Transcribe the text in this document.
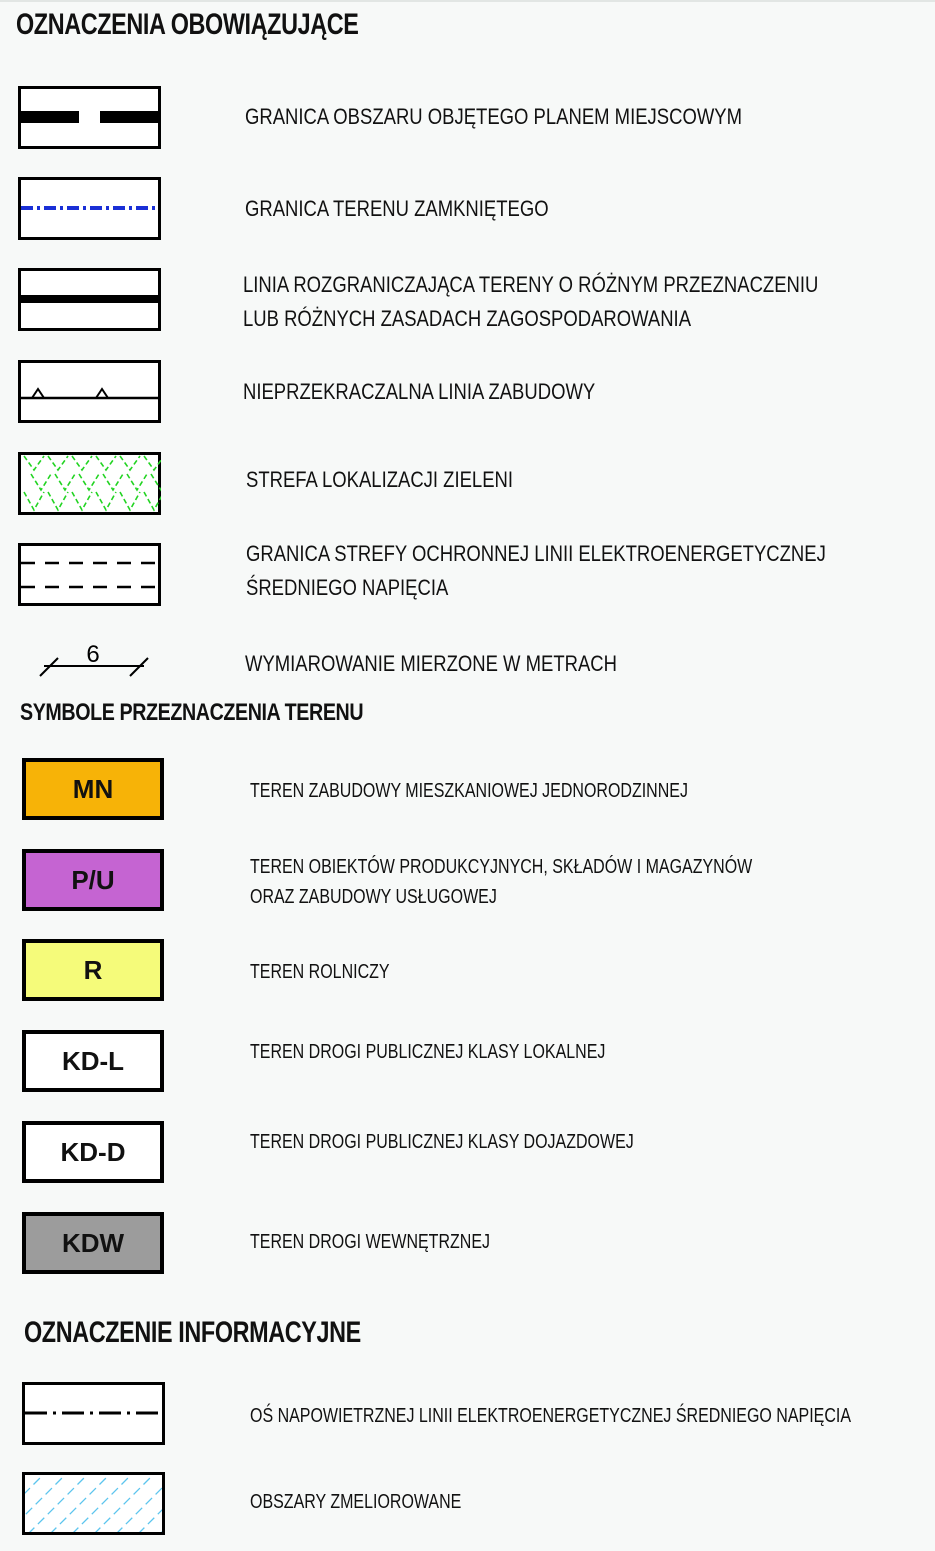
OZNACZENIA OBOWIĄZUJĄCE
GRANICA OBSZARU OBJĘTEGO PLANEM MIEJSCOWYM
GRANICA TERENU ZAMKNIĘTEGO
LINIA ROZGRANICZAJĄCA TERENY O RÓŻNYM PRZEZNACZENIU
LUB RÓŻNYCH ZASADACH ZAGOSPODAROWANIA
NIEPRZEKRACZALNA LINIA ZABUDOWY
STREFA LOKALIZACJI ZIELENI
GRANICA STREFY OCHRONNEJ LINII ELEKTROENERGETYCZNEJ
ŚREDNIEGO NAPIĘCIA
6	WYMIAROWANIE MIERZONE W METRACH
SYMBOLE PRZEZNACZENIA TERENU
MN	TEREN ZABUDOWY MIESZKANIOWEJ JEDNORODZINNEJ
P/U	TEREN OBIEKTÓW PRODUKCYJNYCH, SKŁADÓW I MAGAZYNÓW
ORAZ ZABUDOWY USŁUGOWEJ
R	TEREN ROLNICZY
KD-L	TEREN DROGI PUBLICZNEJ KLASY LOKALNEJ
KD-D	TEREN DROGI PUBLICZNEJ KLASY DOJAZDOWEJ
KDW	TEREN DROGI WEWNĘTRZNEJ
OZNACZENIE INFORMACYJNE
OŚ NAPOWIETRZNEJ LINII ELEKTROENERGETYCZNEJ ŚREDNIEGO NAPIĘCIA
OBSZARY ZMELIOROWANE
